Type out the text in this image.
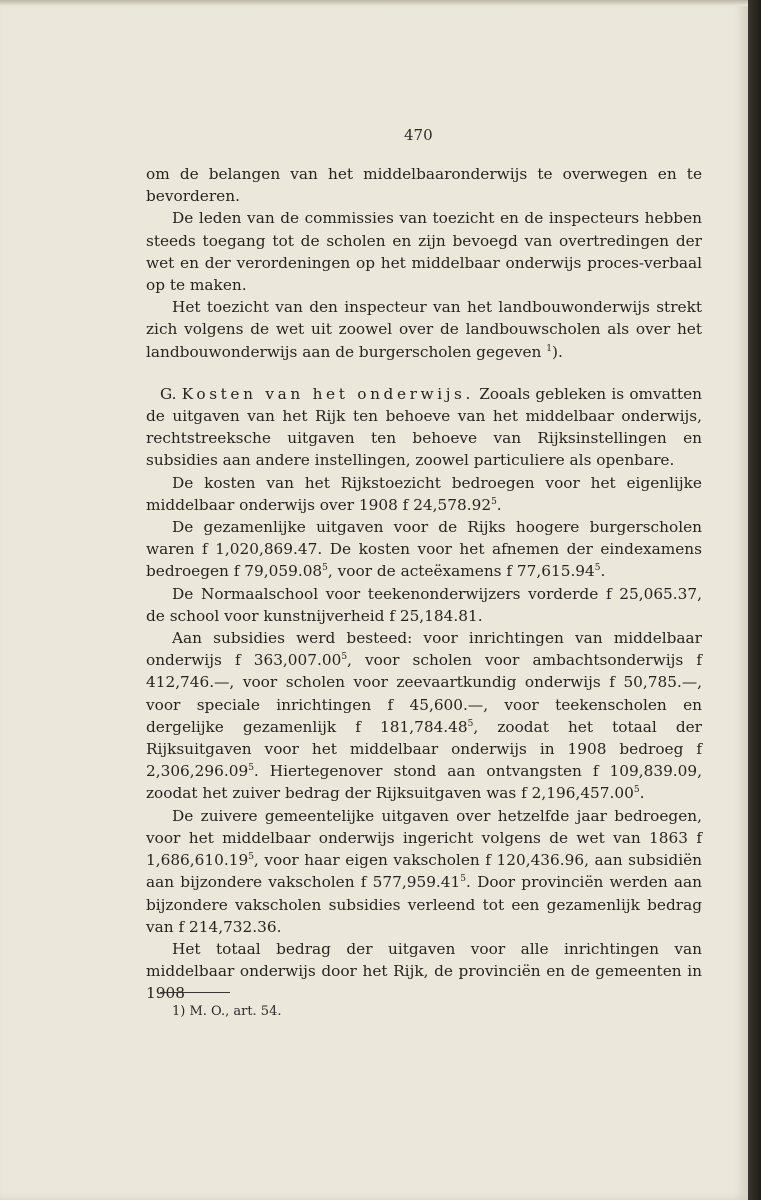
470

om de belangen van het middelbaaronderwijs te overwegen en te bevorderen.

De leden van de commissies van toezicht en de inspecteurs hebben steeds toegang tot de scholen en zijn bevoegd van overtredingen der wet en der verordeningen op het middelbaar onderwijs proces-verbaal op te maken.

Het toezicht van den inspecteur van het landbouwonderwijs strekt zich volgens de wet uit zoowel over de landbouwscholen als over het landbouwonderwijs aan de burgerscholen gegeven $^1$).

G. Kosten van het onderwijs. Zooals gebleken is omvatten de uitgaven van het Rijk ten behoeve van het middelbaar onderwijs, rechtstreeksche uitgaven ten behoeve van Rijksinstellingen en subsidies aan andere instellingen, zoowel particuliere als openbare.

De kosten van het Rijkstoezicht bedroegen voor het eigenlijke middelbaar onderwijs over 1908 f 24,578.92$^5$.

De gezamenlijke uitgaven voor de Rijks hoogere burgerscholen waren f 1,020,869.47. De kosten voor het afnemen der eindexamens bedroegen f 79,059.08$^5$, voor de acteëxamens f 77,615.94$^5$.

De Normaalschool voor teekenonderwijzers vorderde f 25,065.37, de school voor kunstnijverheid f 25,184.81.

Aan subsidies werd besteed: voor inrichtingen van middelbaar onderwijs f 363,007.00$^5$, voor scholen voor ambachtsonderwijs f 412,746.—, voor scholen voor zeevaartkundig onderwijs f 50,785.—, voor speciale inrichtingen f 45,600.—, voor teekenscholen en dergelijke gezamenlijk f 181,784.48$^5$, zoodat het totaal der Rijksuitgaven voor het middelbaar onderwijs in 1908 bedroeg f 2,306,296.09$^5$. Hiertegenover stond aan ontvangsten f 109,839.09, zoodat het zuiver bedrag der Rijksuitgaven was f 2,196,457.00$^5$.

De zuivere gemeentelijke uitgaven over hetzelfde jaar bedroegen, voor het middelbaar onderwijs ingericht volgens de wet van 1863 f 1,686,610.19$^5$, voor haar eigen vakscholen f 120,436.96, aan subsidiën aan bijzondere vakscholen f 577,959.41$^5$. Door provinciën werden aan bijzondere vakscholen subsidies verleend tot een gezamenlijk bedrag van f 214,732.36.

Het totaal bedrag der uitgaven voor alle inrichtingen van middelbaar onderwijs door het Rijk, de provinciën en de gemeenten in 1908

1) M. O., art. 54.
